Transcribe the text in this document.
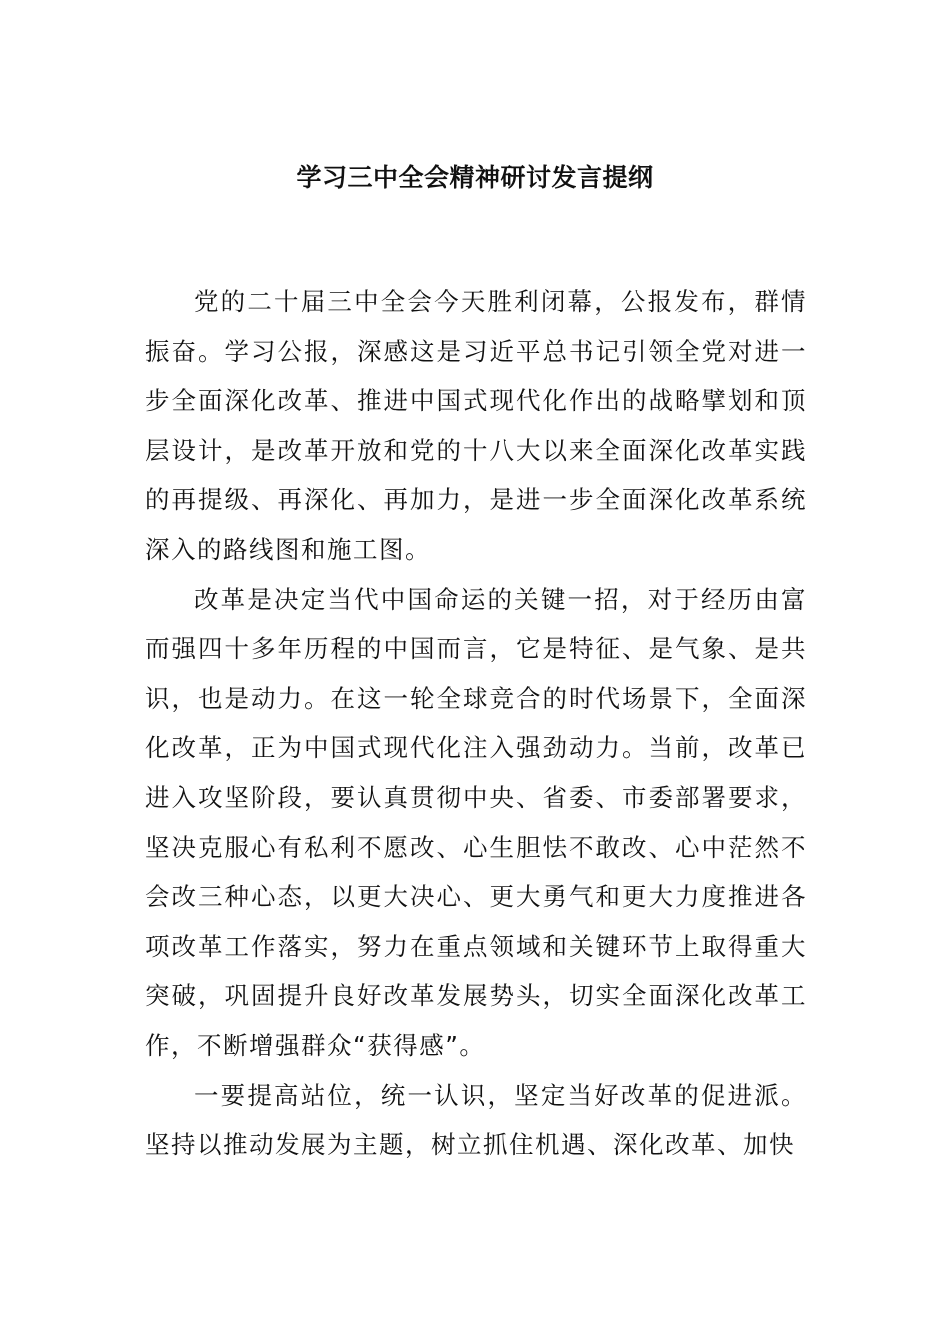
学习三中全会精神研讨发言提纲

党的二十届三中全会今天胜利闭幕，公报发布，群情振奋。学习公报，深感这是习近平总书记引领全党对进一步全面深化改革、推进中国式现代化作出的战略擘划和顶层设计，是改革开放和党的十八大以来全面深化改革实践的再提级、再深化、再加力，是进一步全面深化改革系统深入的路线图和施工图。

改革是决定当代中国命运的关键一招，对于经历由富而强四十多年历程的中国而言，它是特征、是气象、是共识，也是动力。在这一轮全球竞合的时代场景下，全面深化改革，正为中国式现代化注入强劲动力。当前，改革已进入攻坚阶段，要认真贯彻中央、省委、市委部署要求，坚决克服心有私利不愿改、心生胆怯不敢改、心中茫然不会改三种心态，以更大决心、更大勇气和更大力度推进各项改革工作落实，努力在重点领域和关键环节上取得重大突破，巩固提升良好改革发展势头，切实全面深化改革工作，不断增强群众“获得感”。

一要提高站位，统一认识，坚定当好改革的促进派。坚持以推动发展为主题，树立抓住机遇、深化改革、加快
